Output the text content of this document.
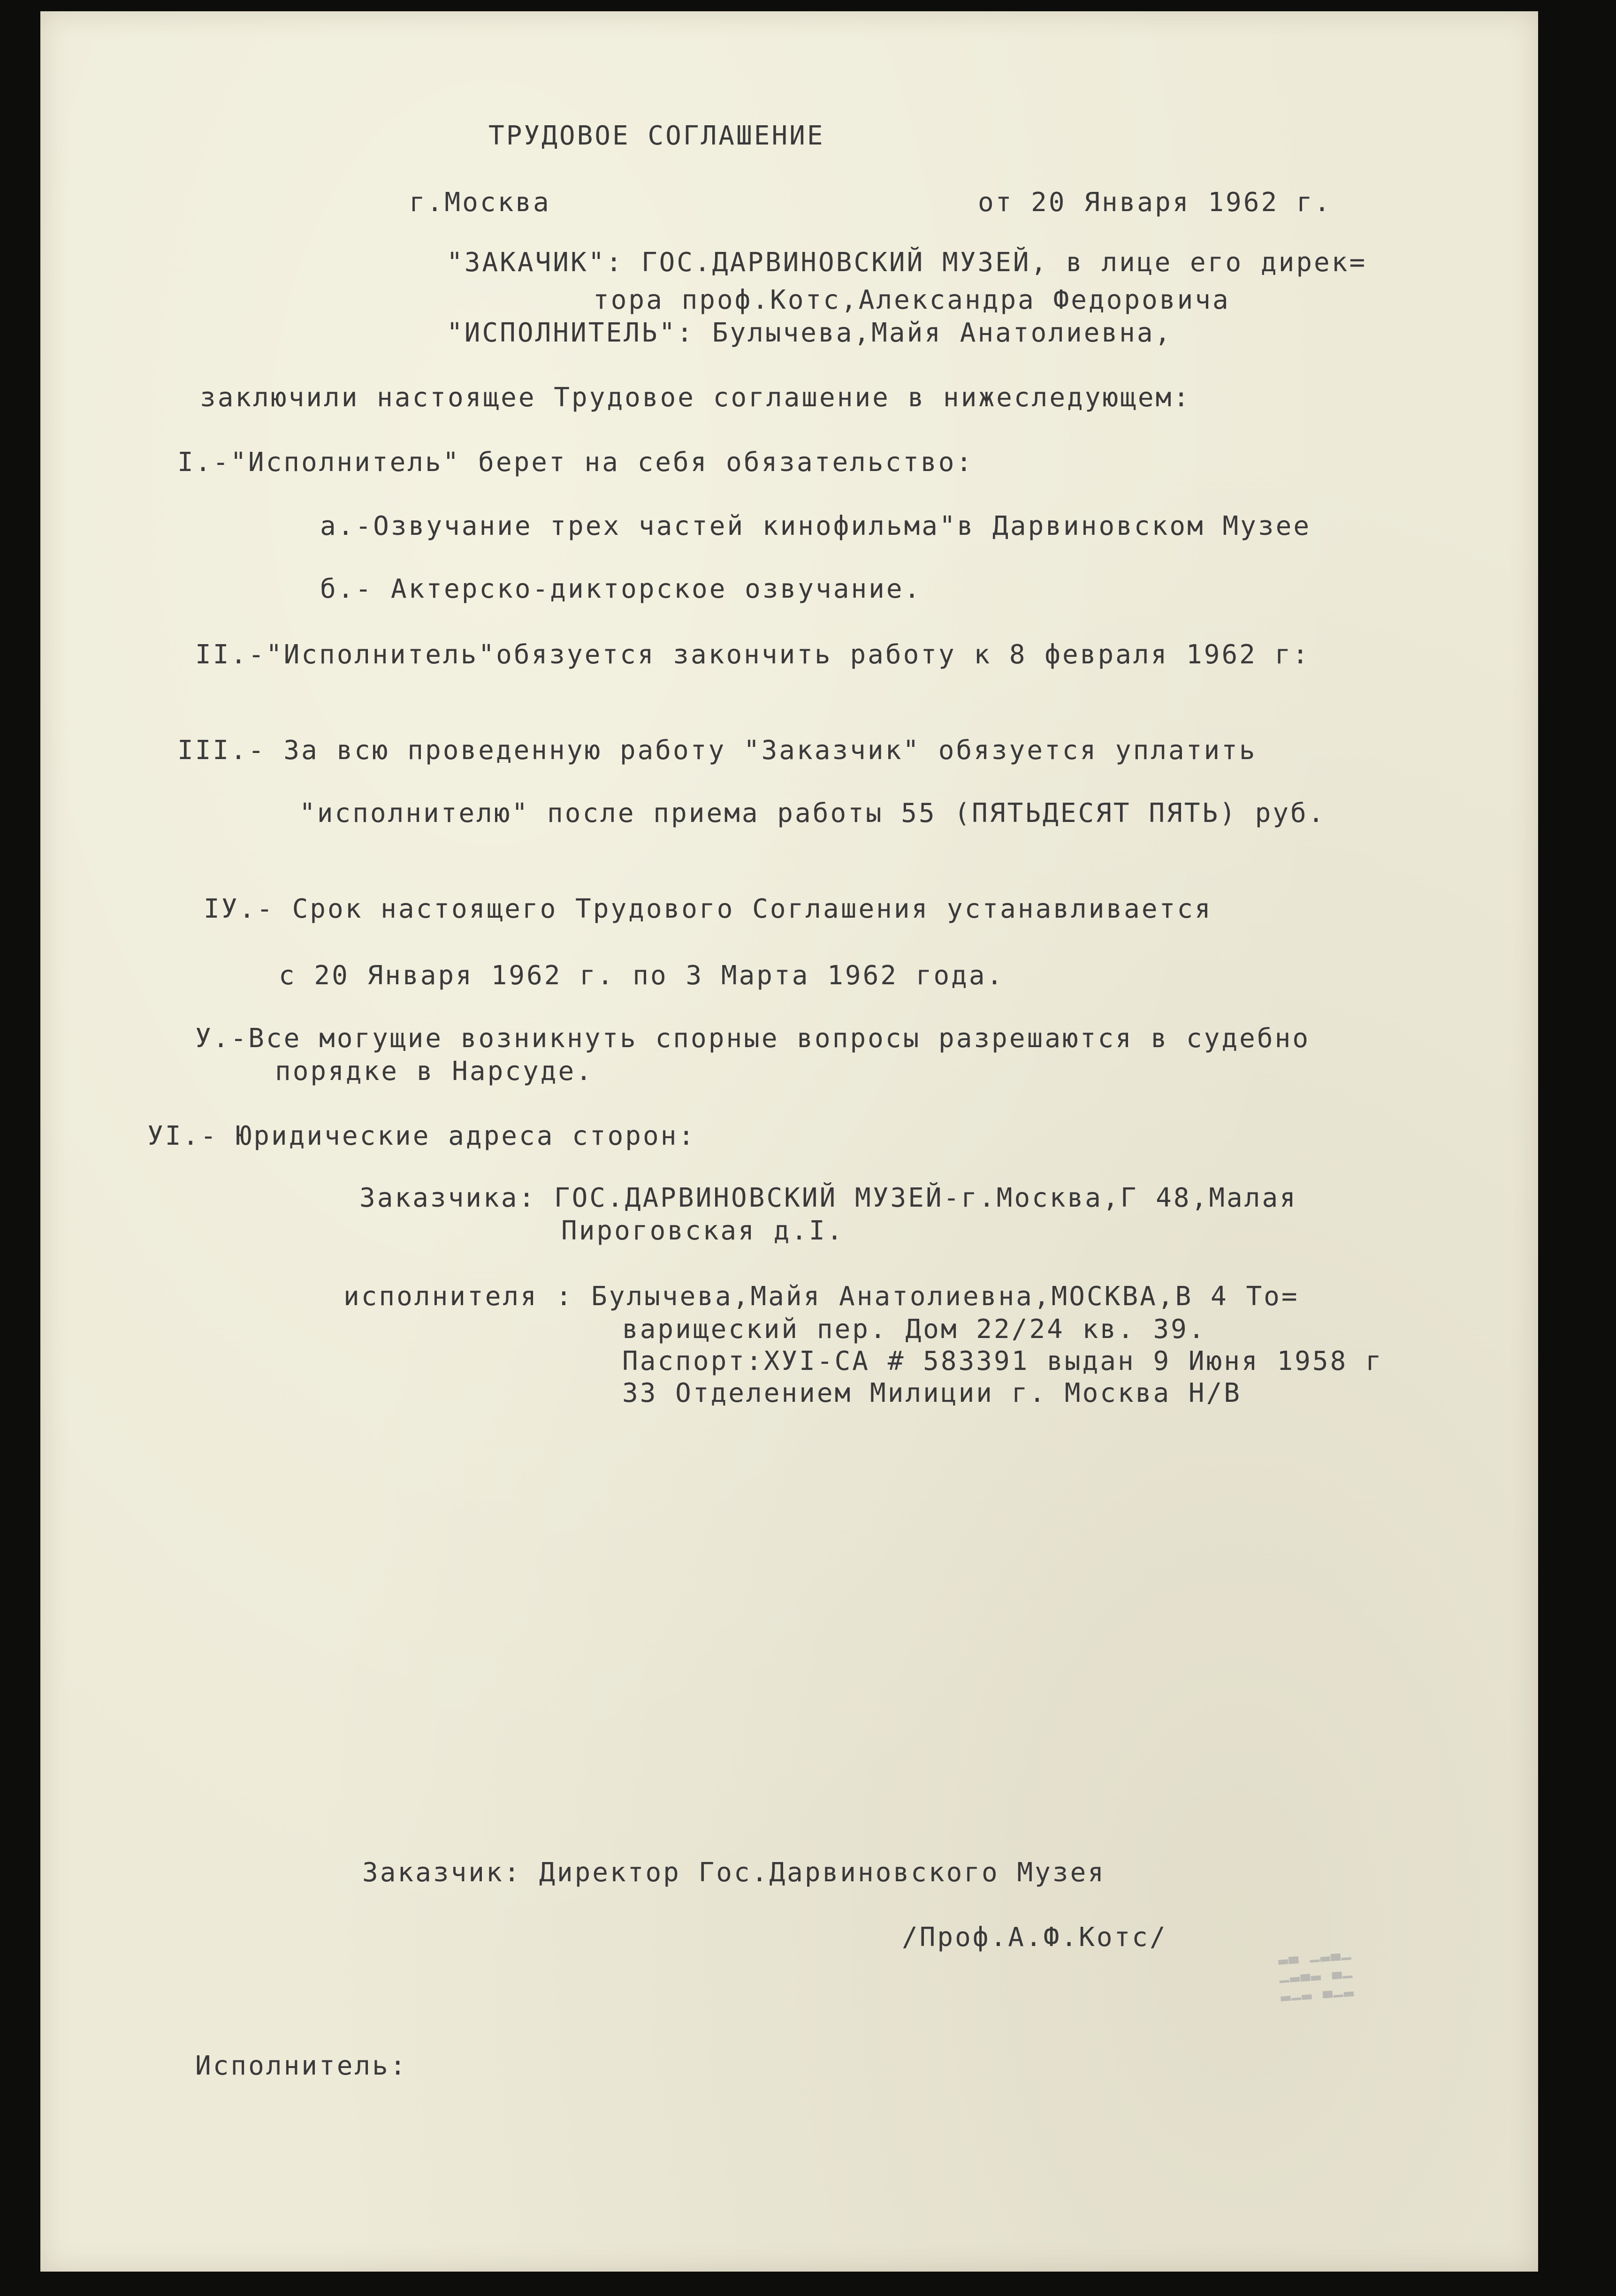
ТРУДОВОЕ СОГЛАШЕНИЕ
г.Москва	от 20 Января 1962 г.
"ЗАКАЧИК": ГОС.ДАРВИНОВСКИЙ МУЗЕЙ, в лице его дирек=
тора проф.Котс,Александра Федоровича
"ИСПОЛНИТЕЛЬ": Булычева,Майя Анатолиевна,
заключили настоящее Трудовое соглашение в нижеследующем:
I.-"Исполнитель" берет на себя обязательство:
а.-Озвучание трех частей кинофильма"в Дарвиновском Музее
б.- Актерско-дикторское озвучание.
II.-"Исполнитель"обязуется закончить работу к 8 февраля 1962 г:
III.- За всю проведенную работу "Заказчик" обязуется уплатить
"исполнителю" после приема работы 55 (ПЯТЬДЕСЯТ ПЯТЬ) руб.
IУ.- Срок настоящего Трудового Соглашения устанавливается
с 20 Января 1962 г. по 3 Марта 1962 года.
У.-Все могущие возникнуть спорные вопросы разрешаются в судебно
порядке в Нарсуде.
УI.- Юридические адреса сторон:
Заказчика: ГОС.ДАРВИНОВСКИЙ МУЗЕЙ-г.Москва,Г 48,Малая
Пироговская д.I.
исполнителя : Булычева,Майя Анатолиевна,МОСКВА,В 4 То=
варищеский пер. Дом 22/24 кв. 39.
Паспорт:XУI-СА # 583391 выдан 9 Июня 1958 г
33 Отделением Милиции г. Москва Н/В
Заказчик: Директор Гос.Дарвиновского Музея
/Проф.А.Ф.Котс/
▂▃ ▁▂▃▁
▁▂▃▂ ▃▁
▂▁▂ ▃▁▂
Исполнитель:
